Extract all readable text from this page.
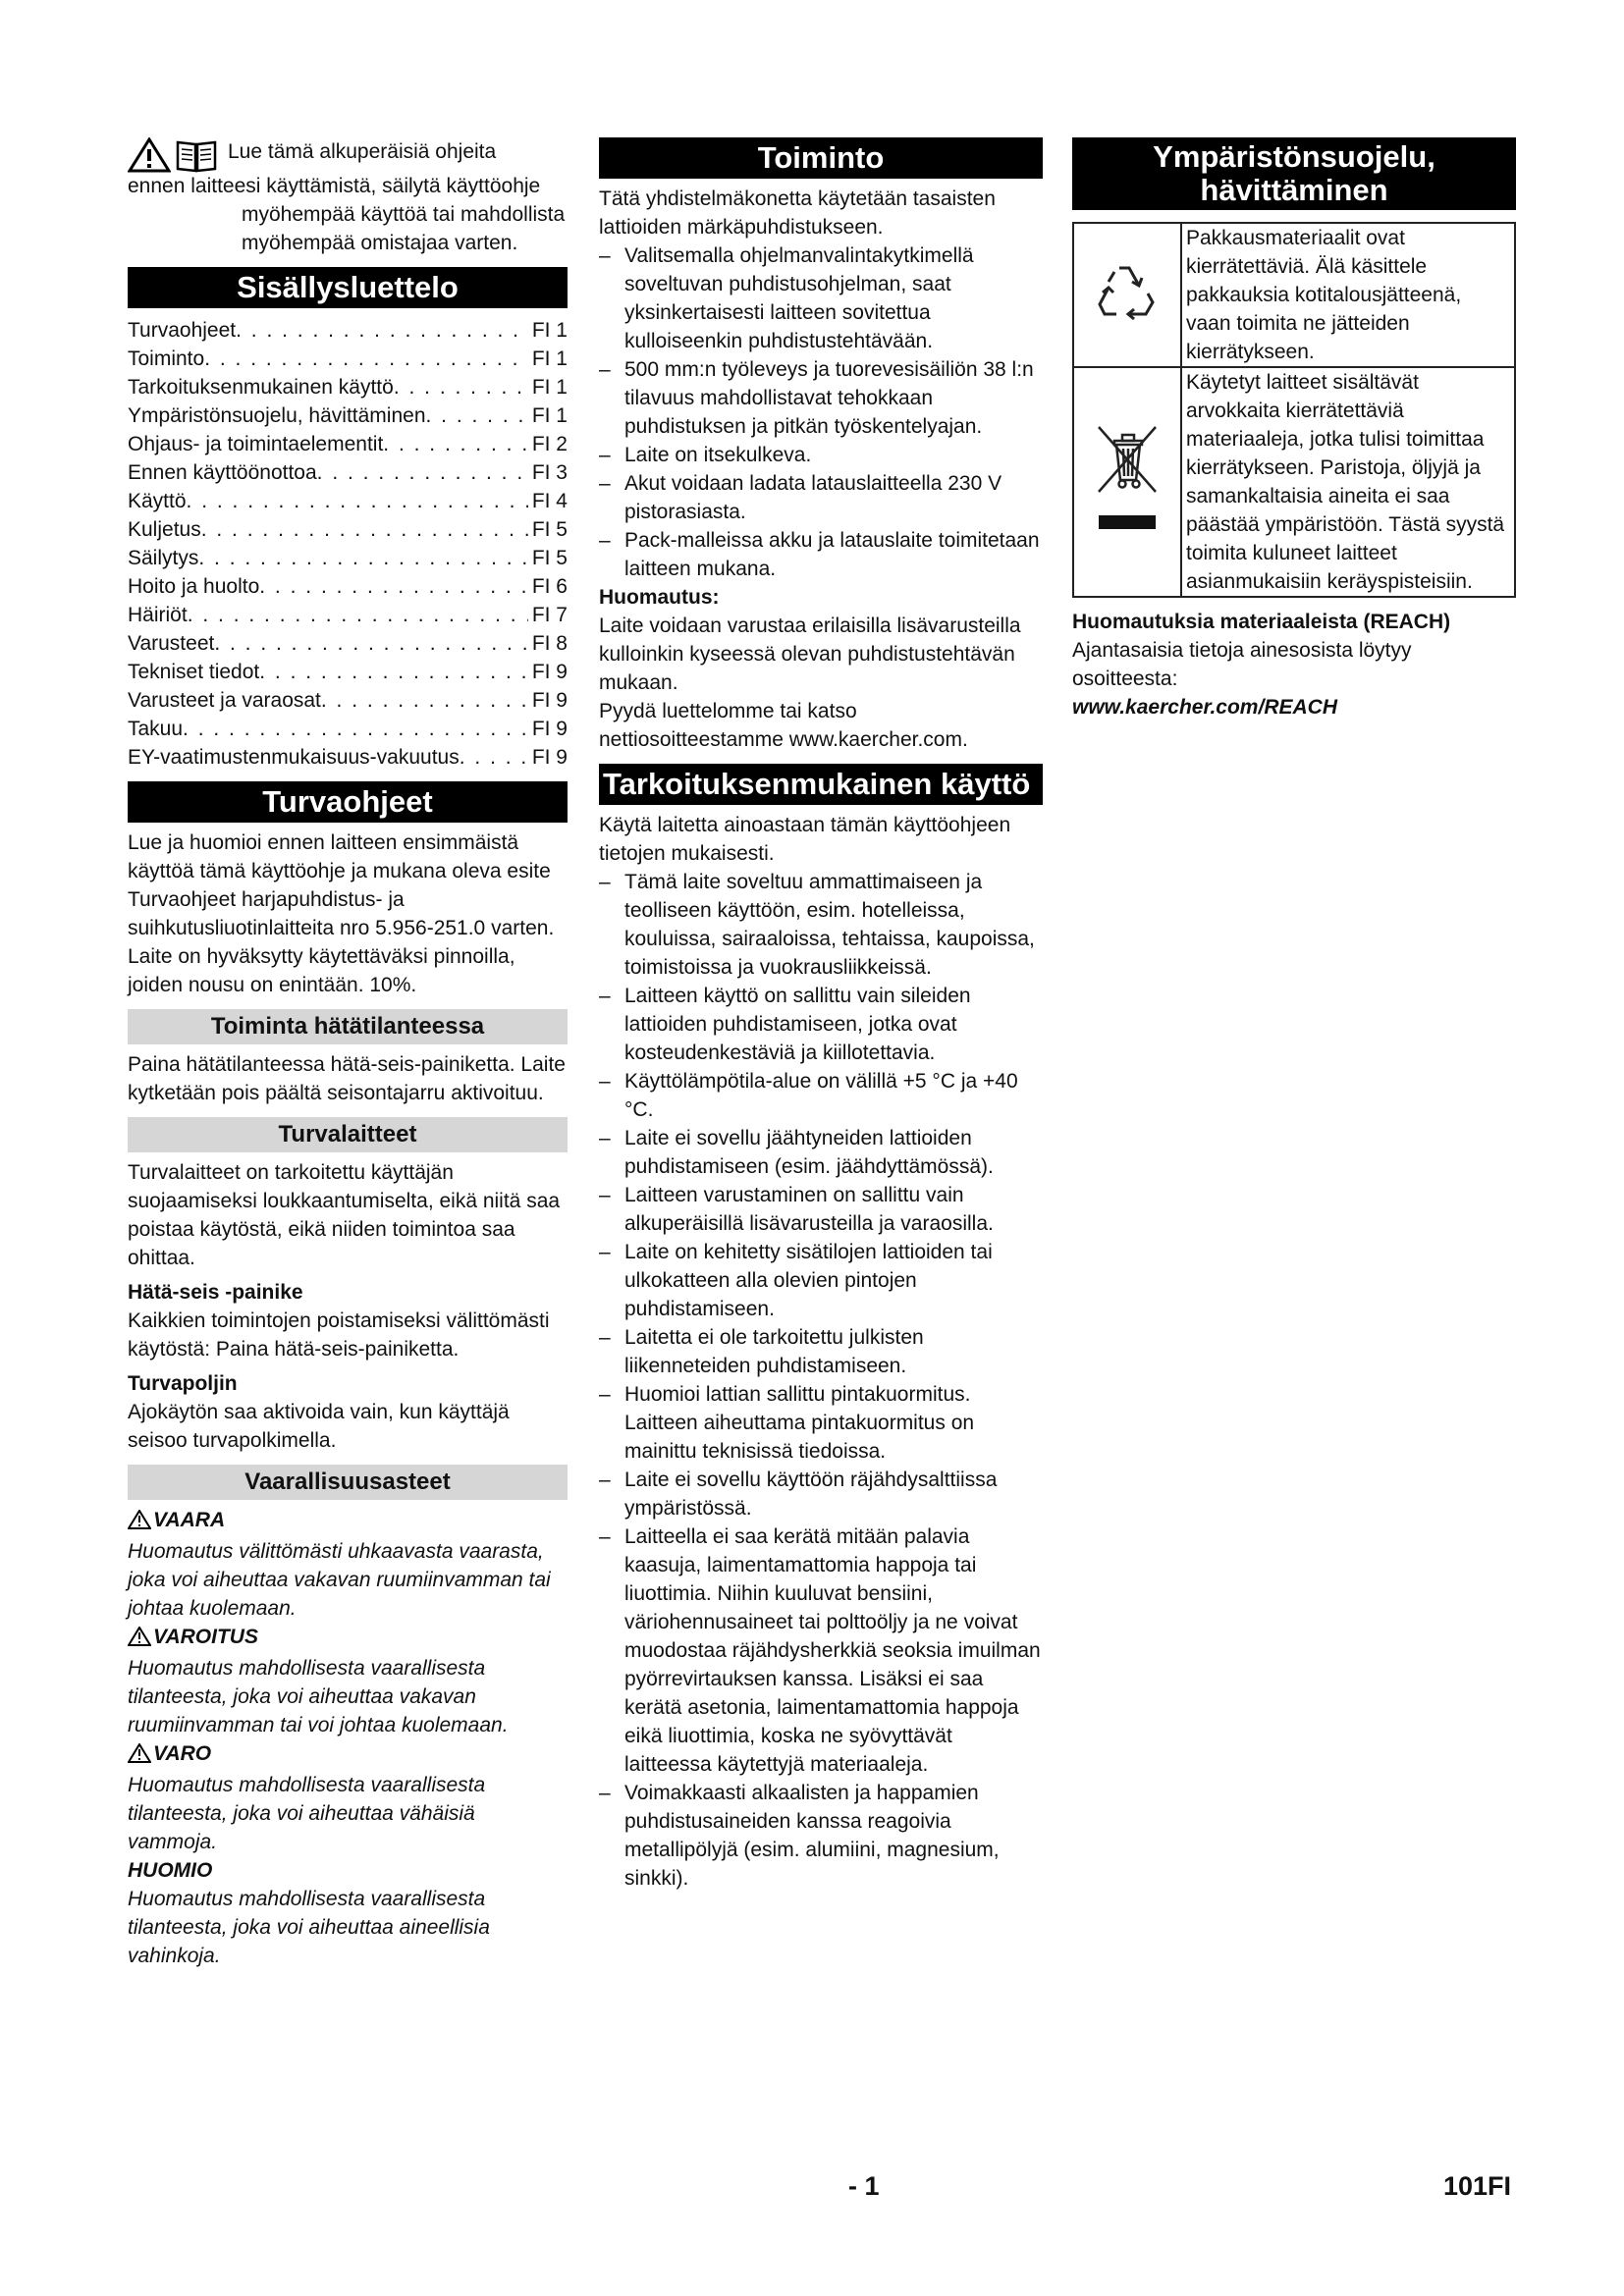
Lue tämä alkuperäisiä ohjeita

ennen laitteesi käyttämistä, säilytä käyttöohje myöhempää käyttöä tai mahdollista myöhempää omistajaa varten.

Sisällysluettelo
Turvaohjeet . . .	FI 1
Toiminto . . .	FI 1
Tarkoituksenmukainen käyttö . . .	FI 1
Ympäristönsuojelu, hävittäminen . . .	FI 1
Ohjaus- ja toimintaelementit . . .	FI 2
Ennen käyttöönottoa . . .	FI 3
Käyttö . . .	FI 4
Kuljetus . . .	FI 5
Säilytys . . .	FI 5
Hoito ja huolto . . .	FI 6
Häiriöt . . .	FI 7
Varusteet . . .	FI 8
Tekniset tiedot . . .	FI 9
Varusteet ja varaosat . . .	FI 9
Takuu . . .	FI 9
EY-vaatimustenmukaisuus-vakuutus . . .	FI 9
Turvaohjeet

Lue ja huomioi ennen laitteen ensimmäistä käyttöä tämä käyttöohje ja mukana oleva esite Turvaohjeet harjapuhdistus- ja suihkutusliuotinlaitteita nro 5.956-251.0 varten. Laite on hyväksytty käytettäväksi pinnoilla, joiden nousu on enintään. 10%.

Toiminta hätätilanteessa

Paina hätätilanteessa hätä-seis-painiketta. Laite kytketään pois päältä seisontajarru aktivoituu.

Turvalaitteet

Turvalaitteet on tarkoitettu käyttäjän suojaamiseksi loukkaantumiselta, eikä niitä saa poistaa käytöstä, eikä niiden toimintoa saa ohittaa.

Hätä-seis -painike

Kaikkien toimintojen poistamiseksi välittömästi käytöstä: Paina hätä-seis-painiketta.

Turvapoljin

Ajokäytön saa aktivoida vain, kun käyttäjä seisoo turvapolkimella.

Vaarallisuusasteet

VAARA

Huomautus välittömästi uhkaavasta vaarasta, joka voi aiheuttaa vakavan ruumiinvamman tai johtaa kuolemaan.

VAROITUS

Huomautus mahdollisesta vaarallisesta tilanteesta, joka voi aiheuttaa vakavan ruumiinvamman tai voi johtaa kuolemaan.

VARO

Huomautus mahdollisesta vaarallisesta tilanteesta, joka voi aiheuttaa vähäisiä vammoja.

HUOMIO

Huomautus mahdollisesta vaarallisesta tilanteesta, joka voi aiheuttaa aineellisia vahinkoja.

Toiminto

Tätä yhdistelmäkonetta käytetään tasaisten lattioiden märkäpuhdistukseen.

– Valitsemalla ohjelmanvalintakytkimellä soveltuvan puhdistusohjelman, saat yksinkertaisesti laitteen sovitettua kulloiseenkin puhdistustehtävään.
– 500 mm:n työleveys ja tuorevesisäiliön 38 l:n tilavuus mahdollistavat tehokkaan puhdistuksen ja pitkän työskentelyajan.
– Laite on itsekulkeva.
– Akut voidaan ladata latauslaitteella 230 V pistorasiasta.
– Pack-malleissa akku ja latauslaite toimitetaan laitteen mukana.

Huomautus:

Laite voidaan varustaa erilaisilla lisävarusteilla kulloinkin kyseessä olevan puhdistustehtävän mukaan.

Pyydä luettelomme tai katso nettiosoitteestamme www.kaercher.com.

Tarkoituksenmukainen käyttö

Käytä laitetta ainoastaan tämän käyttöohjeen tietojen mukaisesti.

– Tämä laite soveltuu ammattimaiseen ja teolliseen käyttöön, esim. hotelleissa, kouluissa, sairaaloissa, tehtaissa, kaupoissa, toimistoissa ja vuokrausliikkeissä.
– Laitteen käyttö on sallittu vain sileiden lattioiden puhdistamiseen, jotka ovat kosteudenkestäviä ja kiillotettavia.
– Käyttölämpötila-alue on välillä +5 °C ja +40 °C.
– Laite ei sovellu jäähtyneiden lattioiden puhdistamiseen (esim. jäähdyttämössä).
– Laitteen varustaminen on sallittu vain alkuperäisillä lisävarusteilla ja varaosilla.
– Laite on kehitetty sisätilojen lattioiden tai ulkokatteen alla olevien pintojen puhdistamiseen.
– Laitetta ei ole tarkoitettu julkisten liikenneteiden puhdistamiseen.
– Huomioi lattian sallittu pintakuormitus. Laitteen aiheuttama pintakuormitus on mainittu teknisissä tiedoissa.
– Laite ei sovellu käyttöön räjähdysalttiissa ympäristössä.
– Laitteella ei saa kerätä mitään palavia kaasuja, laimentamattomia happoja tai liuottimia. Niihin kuuluvat bensiini, väriohennusaineet tai polttoöljy ja ne voivat muodostaa räjähdysherkkiä seoksia imuilman pyörrevirtauksen kanssa. Lisäksi ei saa kerätä asetonia, laimentamattomia happoja eikä liuottimia, koska ne syövyttävät laitteessa käytettyjä materiaaleja.
– Voimakkaasti alkaalisten ja happamien puhdistusaineiden kanssa reagoivia metallipölyjä (esim. alumiini, magnesium, sinkki).
Ympäristönsuojelu,
hävittäminen
	Pakkausmateriaalit ovat kierrätettäviä. Älä käsittele pakkauksia kotitalousjätteenä, vaan toimita ne jätteiden kierrätykseen.
	Käytetyt laitteet sisältävät arvokkaita kierrätettäviä materiaaleja, jotka tulisi toimittaa kierrätykseen. Paristoja, öljyjä ja samankaltaisia aineita ei saa päästää ympäristöön. Tästä syystä toimita kuluneet laitteet asianmukaisiin keräyspisteisiin.

Huomautuksia materiaaleista (REACH)

Ajantasaisia tietoja ainesosista löytyy osoitteesta:

www.kaercher.com/REACH

- 1	101FI
